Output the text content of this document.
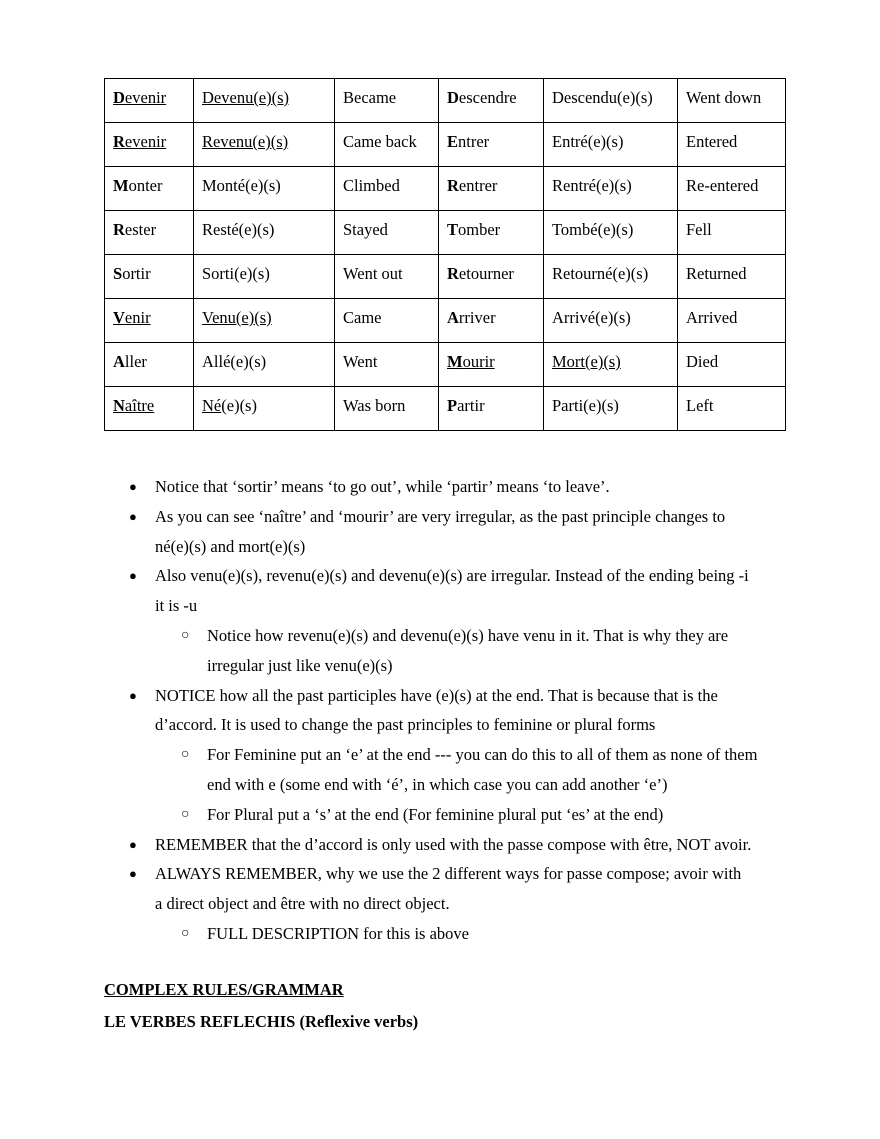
Devenir	Devenu(e)(s)	Became	Descendre	Descendu(e)(s)	Went down
Revenir	Revenu(e)(s)	Came back	Entrer	Entré(e)(s)	Entered
Monter	Monté(e)(s)	Climbed	Rentrer	Rentré(e)(s)	Re-entered
Rester	Resté(e)(s)	Stayed	Tomber	Tombé(e)(s)	Fell
Sortir	Sorti(e)(s)	Went out	Retourner	Retourné(e)(s)	Returned
Venir	Venu(e)(s)	Came	Arriver	Arrivé(e)(s)	Arrived
Aller	Allé(e)(s)	Went	Mourir	Mort(e)(s)	Died
Naître	Né(e)(s)	Was born	Partir	Parti(e)(s)	Left
● Notice that ‘sortir’ means ‘to go out’, while ‘partir’ means ‘to leave’.
● As you can see ‘naître’ and ‘mourir’ are very irregular, as the past principle changes to
né(e)(s) and mort(e)(s)
● Also venu(e)(s), revenu(e)(s) and devenu(e)(s) are irregular. Instead of the ending being -i
it is -u
○ Notice how revenu(e)(s) and devenu(e)(s) have venu in it. That is why they are
irregular just like venu(e)(s)
● NOTICE how all the past participles have (e)(s) at the end. That is because that is the
d’accord. It is used to change the past principles to feminine or plural forms
○ For Feminine put an ‘e’ at the end --- you can do this to all of them as none of them
end with e (some end with ‘é’, in which case you can add another ‘e’)
○ For Plural put a ‘s’ at the end (For feminine plural put ‘es’ at the end)
● REMEMBER that the d’accord is only used with the passe compose with être, NOT avoir.
● ALWAYS REMEMBER, why we use the 2 different ways for passe compose; avoir with
a direct object and être with no direct object.
○ FULL DESCRIPTION for this is above
COMPLEX RULES/GRAMMAR
LE VERBES REFLECHIS (Reflexive verbs)
